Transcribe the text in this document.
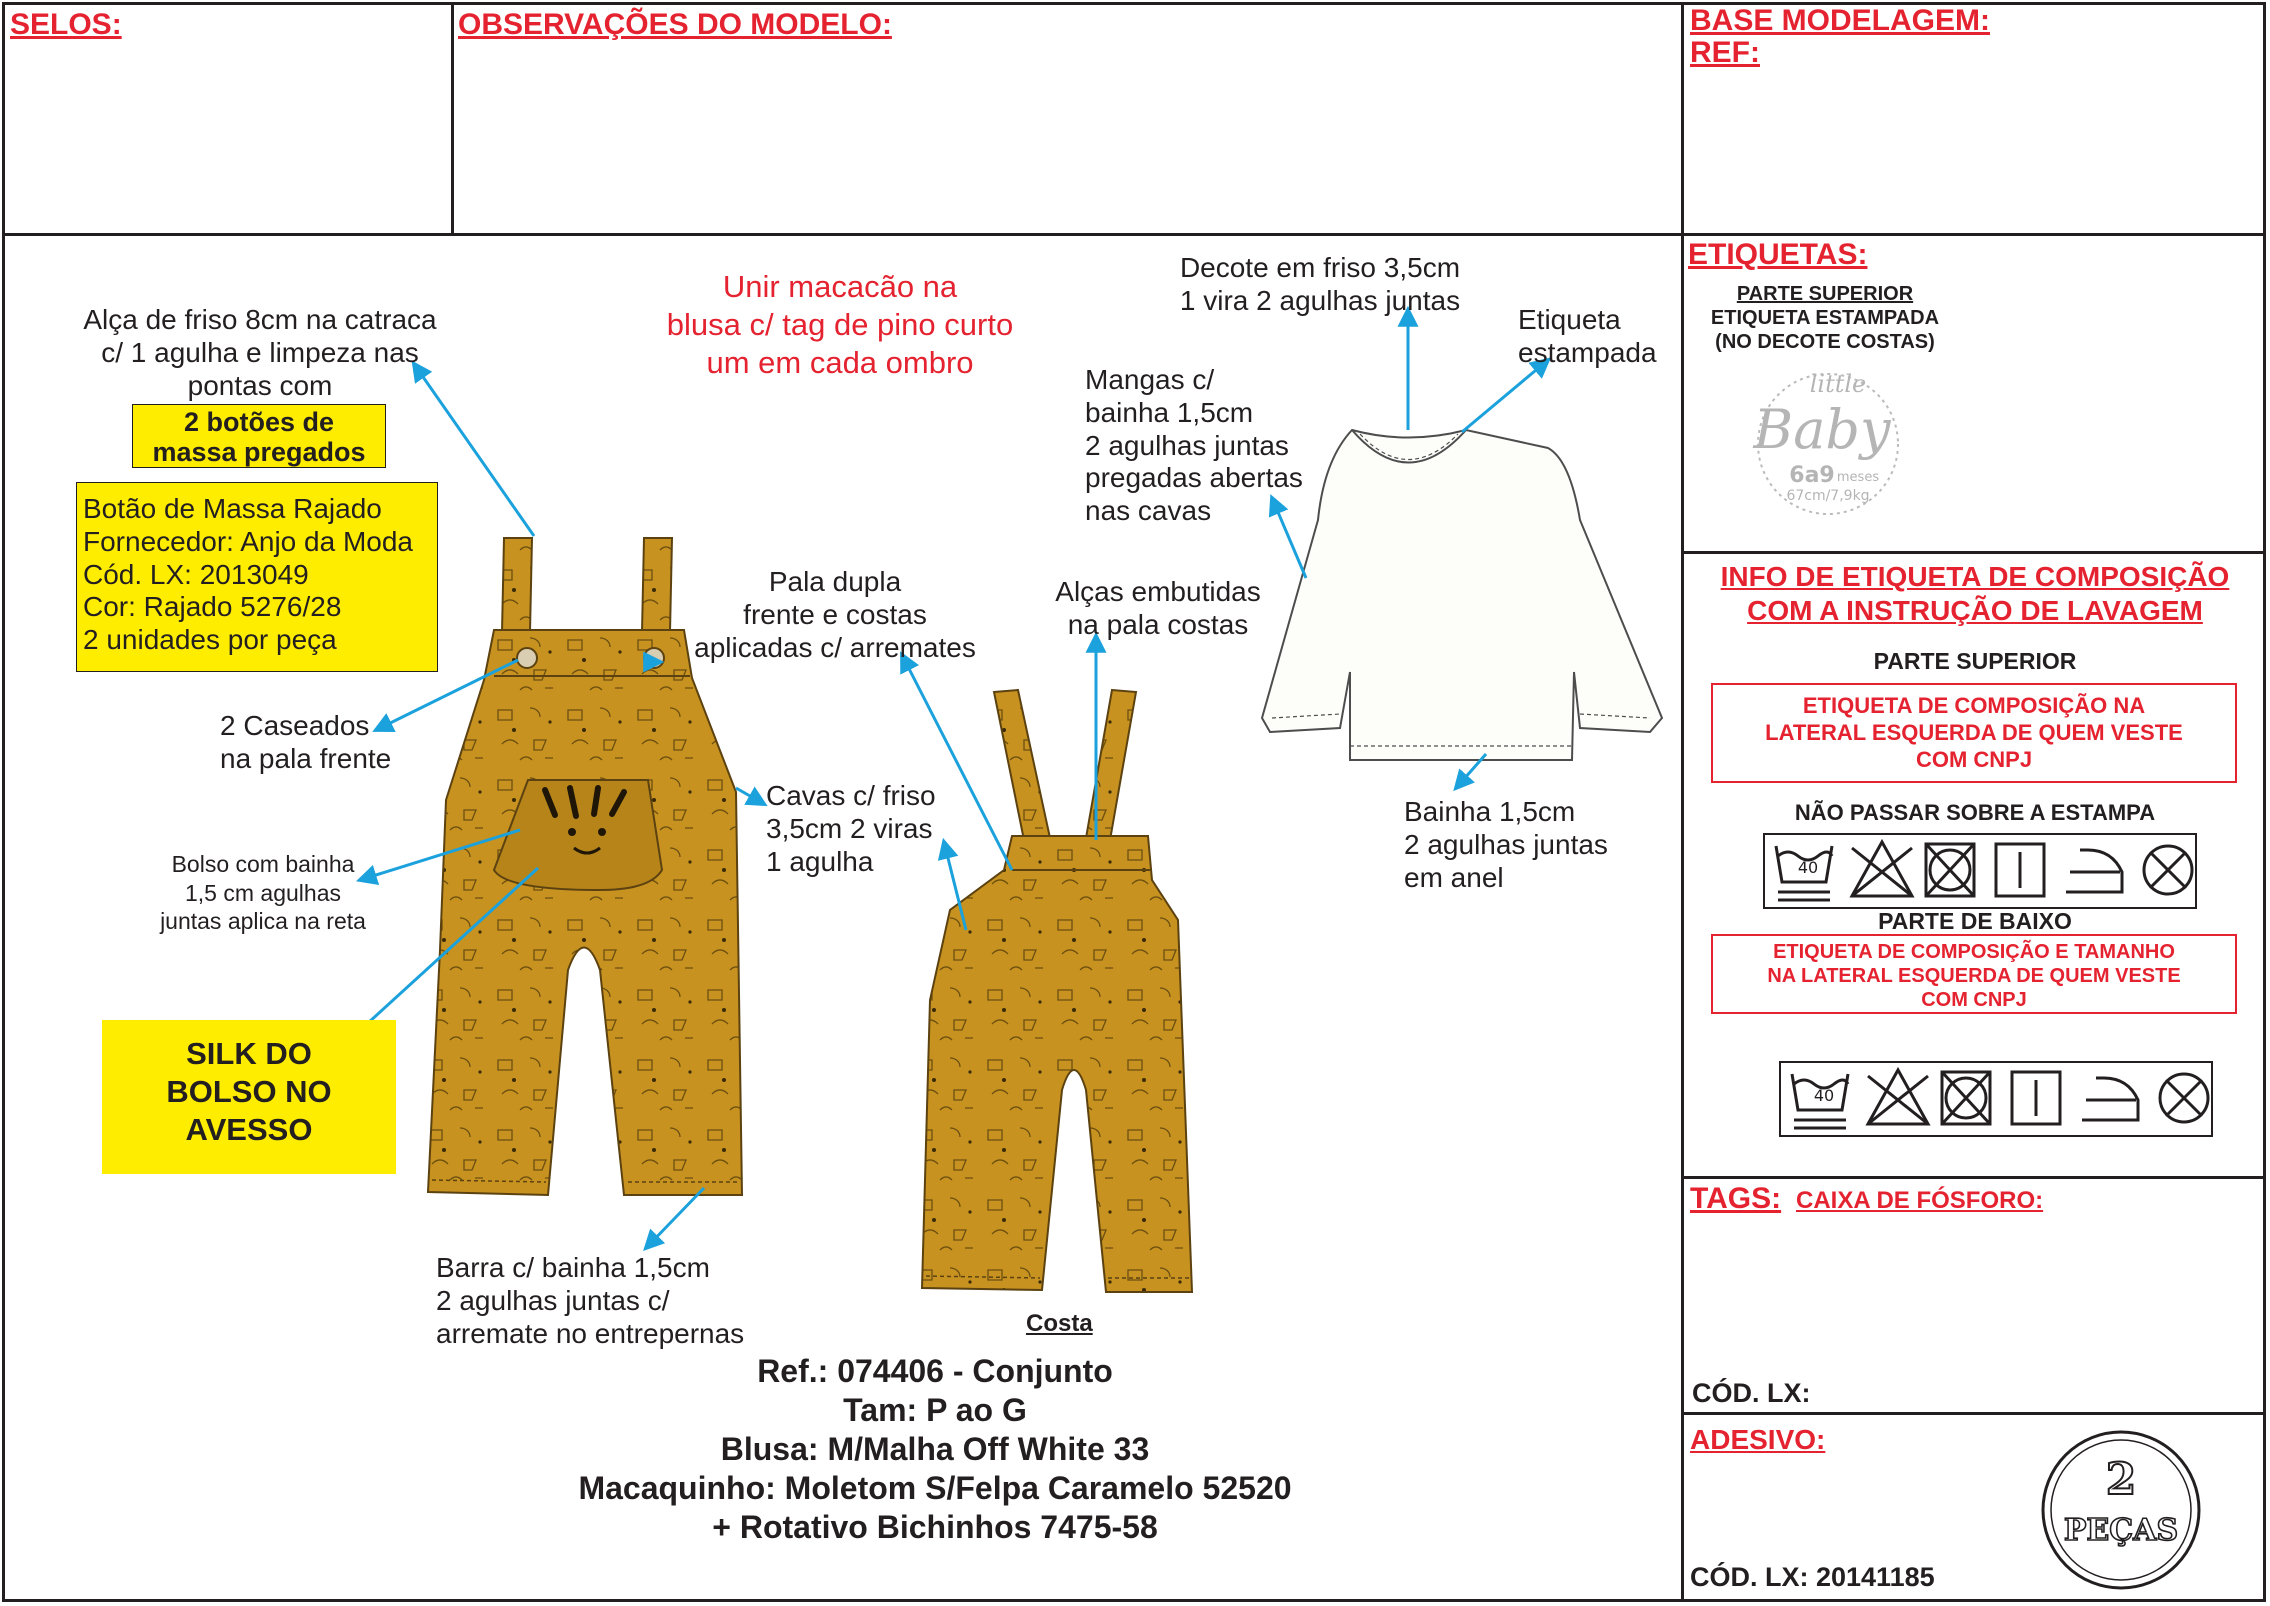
SELOS:	OBSERVAÇÕES DO MODELO:	BASE MODELAGEM:
REF:
little
Baby
6a9 meses
67cm/7,9kg
40
40
2
PEÇAS
Alça de friso 8cm na catraca
c/ 1 agulha e limpeza nas
pontas com
2 botões de
massa pregados
Botão de Massa Rajado
Fornecedor: Anjo da Moda
Cód. LX: 2013049
Cor: Rajado 5276/28
2 unidades por peça
2 Caseados
na pala frente
Bolso com bainha
1,5 cm agulhas
juntas aplica na reta
SILK DO
BOLSO NO
AVESSO
Barra c/ bainha 1,5cm
2 agulhas juntas c/
arremate no entrepernas
Unir macacão na
blusa c/ tag de pino curto
um em cada ombro
Pala dupla
frente e costas
aplicadas c/ arremates
Cavas c/ friso
3,5cm 2 viras
1 agulha
Alças embutidas
na pala costas
Costa
Decote em friso 3,5cm
1 vira 2 agulhas juntas
Etiqueta
estampada
Mangas c/
bainha 1,5cm
2 agulhas juntas
pregadas abertas
nas cavas
Bainha 1,5cm
2 agulhas juntas
em anel
Ref.: 074406 - Conjunto
Tam: P ao G
Blusa: M/Malha Off White 33
Macaquinho: Moletom S/Felpa Caramelo 52520
+ Rotativo Bichinhos 7475-58
ETIQUETAS:
PARTE SUPERIOR
ETIQUETA ESTAMPADA
(NO DECOTE COSTAS)
INFO DE ETIQUETA DE COMPOSIÇÃO
COM A INSTRUÇÃO DE LAVAGEM
PARTE SUPERIOR
ETIQUETA DE COMPOSIÇÃO NA
LATERAL ESQUERDA DE QUEM VESTE
COM CNPJ
NÃO PASSAR SOBRE A ESTAMPA
PARTE DE BAIXO
ETIQUETA DE COMPOSIÇÃO E TAMANHO
NA LATERAL ESQUERDA DE QUEM VESTE
COM CNPJ
TAGS: CAIXA DE FÓSFORO:
CÓD. LX:
ADESIVO:
CÓD. LX: 20141185
